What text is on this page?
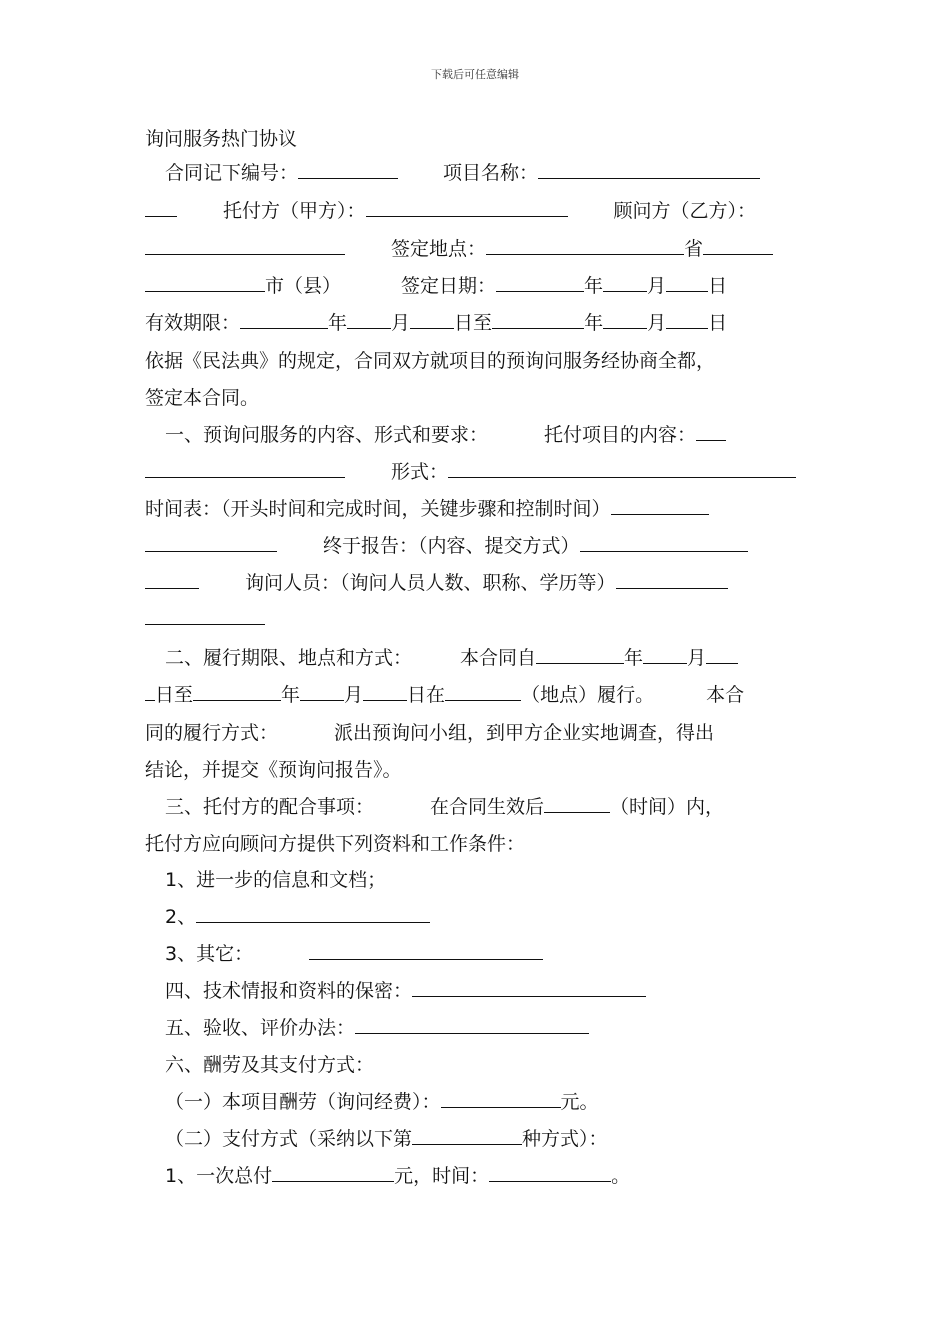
下载后可任意编辑
询问服务热门协议
合同记下编号：	项目名称：
托付方（甲方）：	顾问方（乙方）：
签定地点：	省
市（县）	签定日期：	年 月 日
有效期限：	年 月 日至	年 月 日
依据《民法典》的规定，合同双方就项目的预询问服务经协商全都，
签定本合同。
一、预询问服务的内容、形式和要求：	托付项目的内容：
形式：
时间表：（开头时间和完成时间，关键步骤和控制时间）
终于报告：（内容、提交方式）
询问人员：（询问人员人数、职称、学历等）
二、履行期限、地点和方式：	本合同自	年 月
日至	年 月 日在	（地点）履行。	本合
同的履行方式：	派出预询问小组，到甲方企业实地调查，得出
结论，并提交《预询问报告》。
三、托付方的配合事项：	在合同生效后	（时间）内，
托付方应向顾问方提供下列资料和工作条件：
1、进一步的信息和文档；
2、
3、其它：
四、技术情报和资料的保密：
五、验收、评价办法：
六、酬劳及其支付方式：
（一）本项目酬劳（询问经费）：	元。
（二）支付方式（采纳以下第	种方式）：
1、一次总付	元，时间：	。
